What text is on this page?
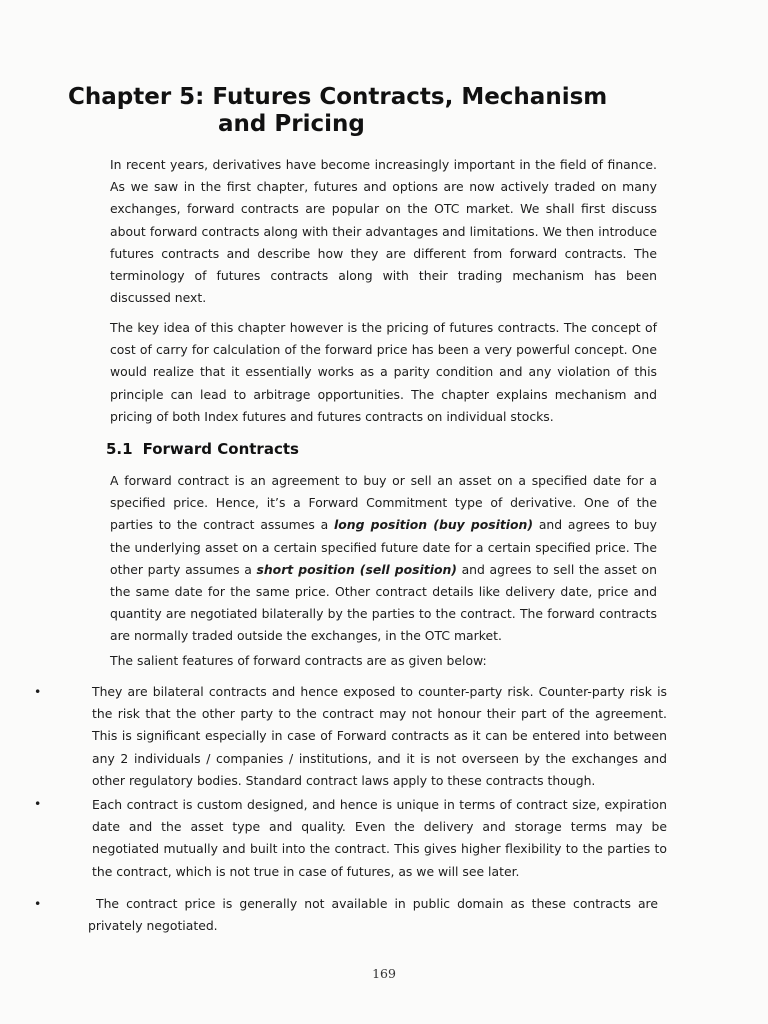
Chapter 5: Futures Contracts, Mechanism
and Pricing

In recent years, derivatives have become increasingly important in the field of finance. As we saw in the first chapter, futures and options are now actively traded on many exchanges, forward contracts are popular on the OTC market. We shall first discuss about forward contracts along with their advantages and limitations. We then introduce futures contracts and describe how they are different from forward contracts. The terminology of futures contracts along with their trading mechanism has been discussed next.

The key idea of this chapter however is the pricing of futures contracts. The concept of cost of carry for calculation of the forward price has been a very powerful concept. One would realize that it essentially works as a parity condition and any violation of this principle can lead to arbitrage opportunities. The chapter explains mechanism and pricing of both Index futures and futures contracts on individual stocks.

5.1 Forward Contracts

A forward contract is an agreement to buy or sell an asset on a specified date for a specified price. Hence, it’s a Forward Commitment type of derivative. One of the parties to the contract assumes a long position (buy position) and agrees to buy the underlying asset on a certain specified future date for a certain specified price. The other party assumes a short position (sell position) and agrees to sell the asset on the same date for the same price. Other contract details like delivery date, price and quantity are negotiated bilaterally by the parties to the contract. The forward contracts are normally traded outside the exchanges, in the OTC market.

The salient features of forward contracts are as given below:

•	They are bilateral contracts and hence exposed to counter-party risk. Counter-party risk is the risk that the other party to the contract may not honour their part of the agreement. This is significant especially in case of Forward contracts as it can be entered into between any 2 individuals / companies / institutions, and it is not overseen by the exchanges and other regulatory bodies. Standard contract laws apply to these contracts though.

•	Each contract is custom designed, and hence is unique in terms of contract size, expiration date and the asset type and quality. Even the delivery and storage terms may be negotiated mutually and built into the contract. This gives higher flexibility to the parties to the contract, which is not true in case of futures, as we will see later.

•	The contract price is generally not available in public domain as these contracts are privately negotiated.

169
